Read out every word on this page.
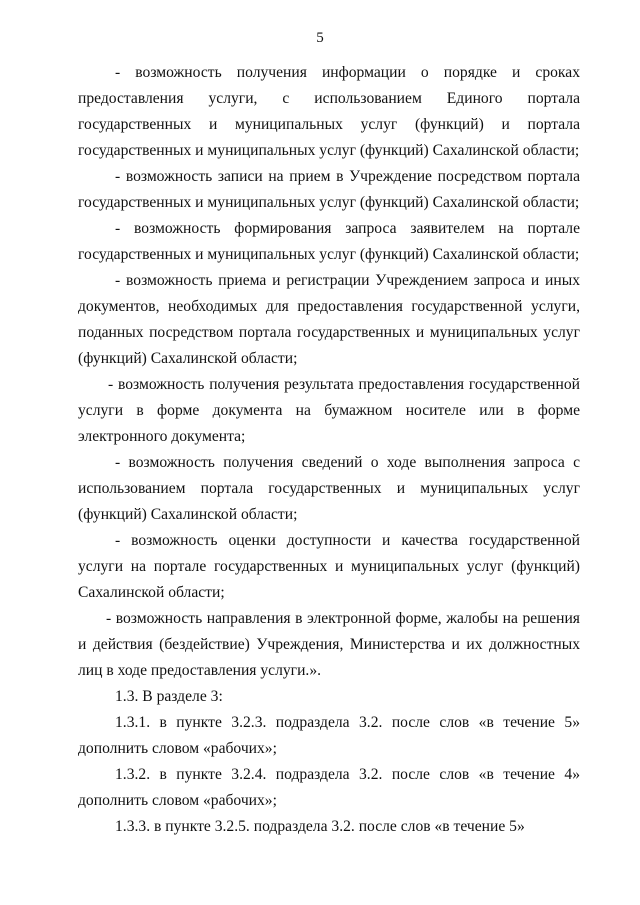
5

- возможность получения информации о порядке и сроках предоставления услуги, с использованием Единого портала государственных и муниципальных услуг (функций) и портала государственных и муниципальных услуг (функций) Сахалинской области;

- возможность записи на прием в Учреждение посредством портала государственных и муниципальных услуг (функций) Сахалинской области;

- возможность формирования запроса заявителем на портале государственных и муниципальных услуг (функций) Сахалинской области;

- возможность приема и регистрации Учреждением запроса и иных документов, необходимых для предоставления государственной услуги, поданных посредством портала государственных и муниципальных услуг (функций) Сахалинской области;

- возможность получения результата предоставления государственной услуги в форме документа на бумажном носителе или в форме электронного документа;

- возможность получения сведений о ходе выполнения запроса с использованием портала государственных и муниципальных услуг (функций) Сахалинской области;

- возможность оценки доступности и качества государственной услуги на портале государственных и муниципальных услуг (функций) Сахалинской области;

- возможность направления в электронной форме, жалобы на решения и действия (бездействие) Учреждения, Министерства и их должностных лиц в ходе предоставления услуги.».

1.3. В разделе 3:

1.3.1. в пункте 3.2.3. подраздела 3.2. после слов «в течение 5» дополнить словом «рабочих»;

1.3.2. в пункте 3.2.4. подраздела 3.2. после слов «в течение 4» дополнить словом «рабочих»;

1.3.3. в пункте 3.2.5. подраздела 3.2. после слов «в течение 5»
